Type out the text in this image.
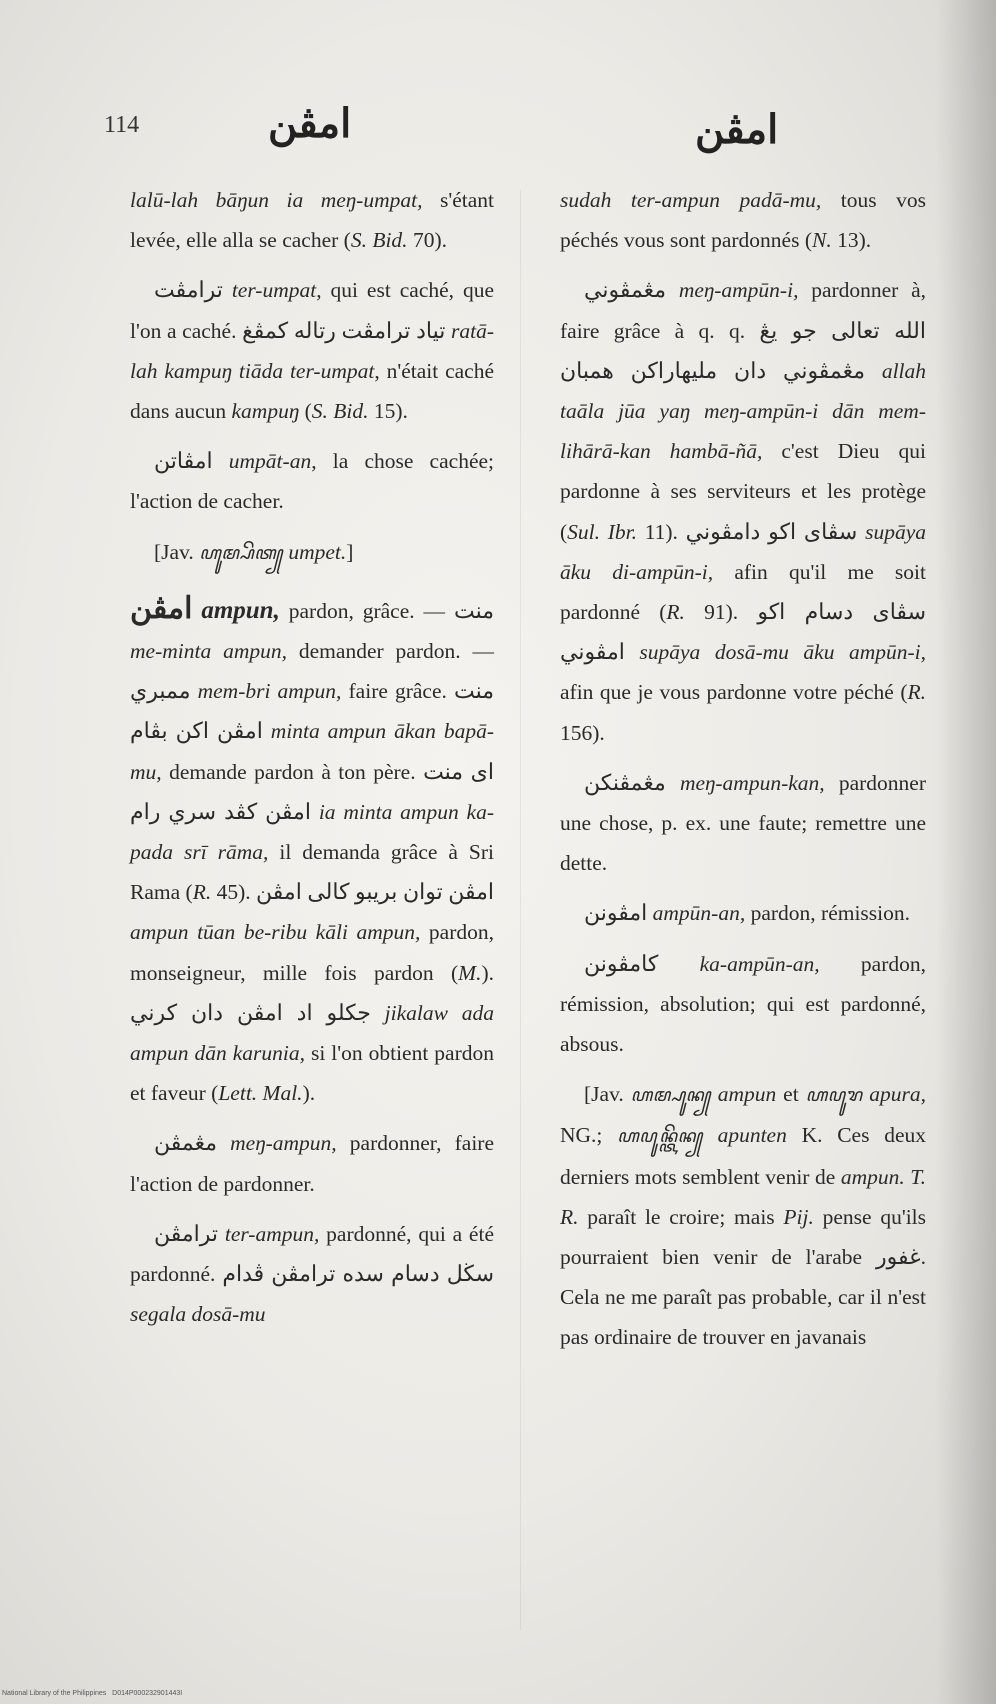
114	امڤن	امڤن

lalū-lah bāŋun ia meŋ-umpat, s'étant levée, elle alla se cacher (S. Bid. 70).

ترامڤت ter-umpat, qui est caché, que l'on a caché. رتاله كمڤغ تياد ترامڤت ratā-lah kampuŋ tiāda ter-umpat, n'était caché dans aucun kampuŋ (S. Bid. 15).

امڤاتن umpāt-an, la chose cachée; l'action de cacher.

[Jav. ꦲꦸꦩ꧀ꦥꦼꦠ꧀ umpet.]

امڤن ampun, pardon, grâce. — منت me-minta ampun, demander pardon. — ممبري mem-bri ampun, faire grâce. منت امڤن اكن بڤام minta ampun ākan bapā-mu, demande pardon à ton père. اى منت امڤن كڤد سري رام ia minta ampun ka-pada srī rāma, il demanda grâce à Sri Rama (R. 45). امڤن توان بريبو كالى امڤن ampun tūan be-ribu kāli ampun, pardon, monseigneur, mille fois pardon (M.). جكلو اد امڤن دان كرني jikalaw ada ampun dān karunia, si l'on obtient pardon et faveur (Lett. Mal.).

مڠمڤن meŋ-ampun, pardonner, faire l'action de pardonner.

ترامڤن ter-ampun, pardonné, qui a été pardonné. سڬل دسام سده ترامڤن ڤدام segala dosā-mu

sudah ter-ampun padā-mu, tous vos péchés vous sont pardonnés (N. 13).

مڠمڤوني meŋ-ampūn-i, pardonner à, faire grâce à q. q. الله تعالى جو يڠ مڠمڤوني دان مليهاراكن همبان allah taāla jūa yaŋ meŋ-ampūn-i dān mem-lihārā-kan hambā-ñā, c'est Dieu qui pardonne à ses serviteurs et les protège (Sul. Ibr. 11). سڤاى اكو دامڤوني supāya āku di-ampūn-i, afin qu'il me soit pardonné (R. 91). سڤاى دسام اكو امڤوني supāya dosā-mu āku ampūn-i, afin que je vous pardonne votre péché (R. 156).

مڠمڤنكن meŋ-ampun-kan, pardonner une chose, p. ex. une faute; remettre une dette.

امڤونن ampūn-an, pardon, rémission.

كامڤونن ka-ampūn-an, pardon, rémission, absolution; qui est pardonné, absous.

[Jav. ꦲꦩ꧀ꦥꦸꦤ꧀ ampun et ꦲꦥꦸꦫ apura, NG.; ꦲꦥꦸꦤ꧀ꦠꦼꦤ꧀ apunten K. Ces deux derniers mots semblent venir de ampun. T. R. paraît le croire; mais Pij. pense qu'ils pourraient bien venir de l'arabe غفور. Cela ne me paraît pas probable, car il n'est pas ordinaire de trouver en javanais

National Library of the Philippines D014P000232901443I
